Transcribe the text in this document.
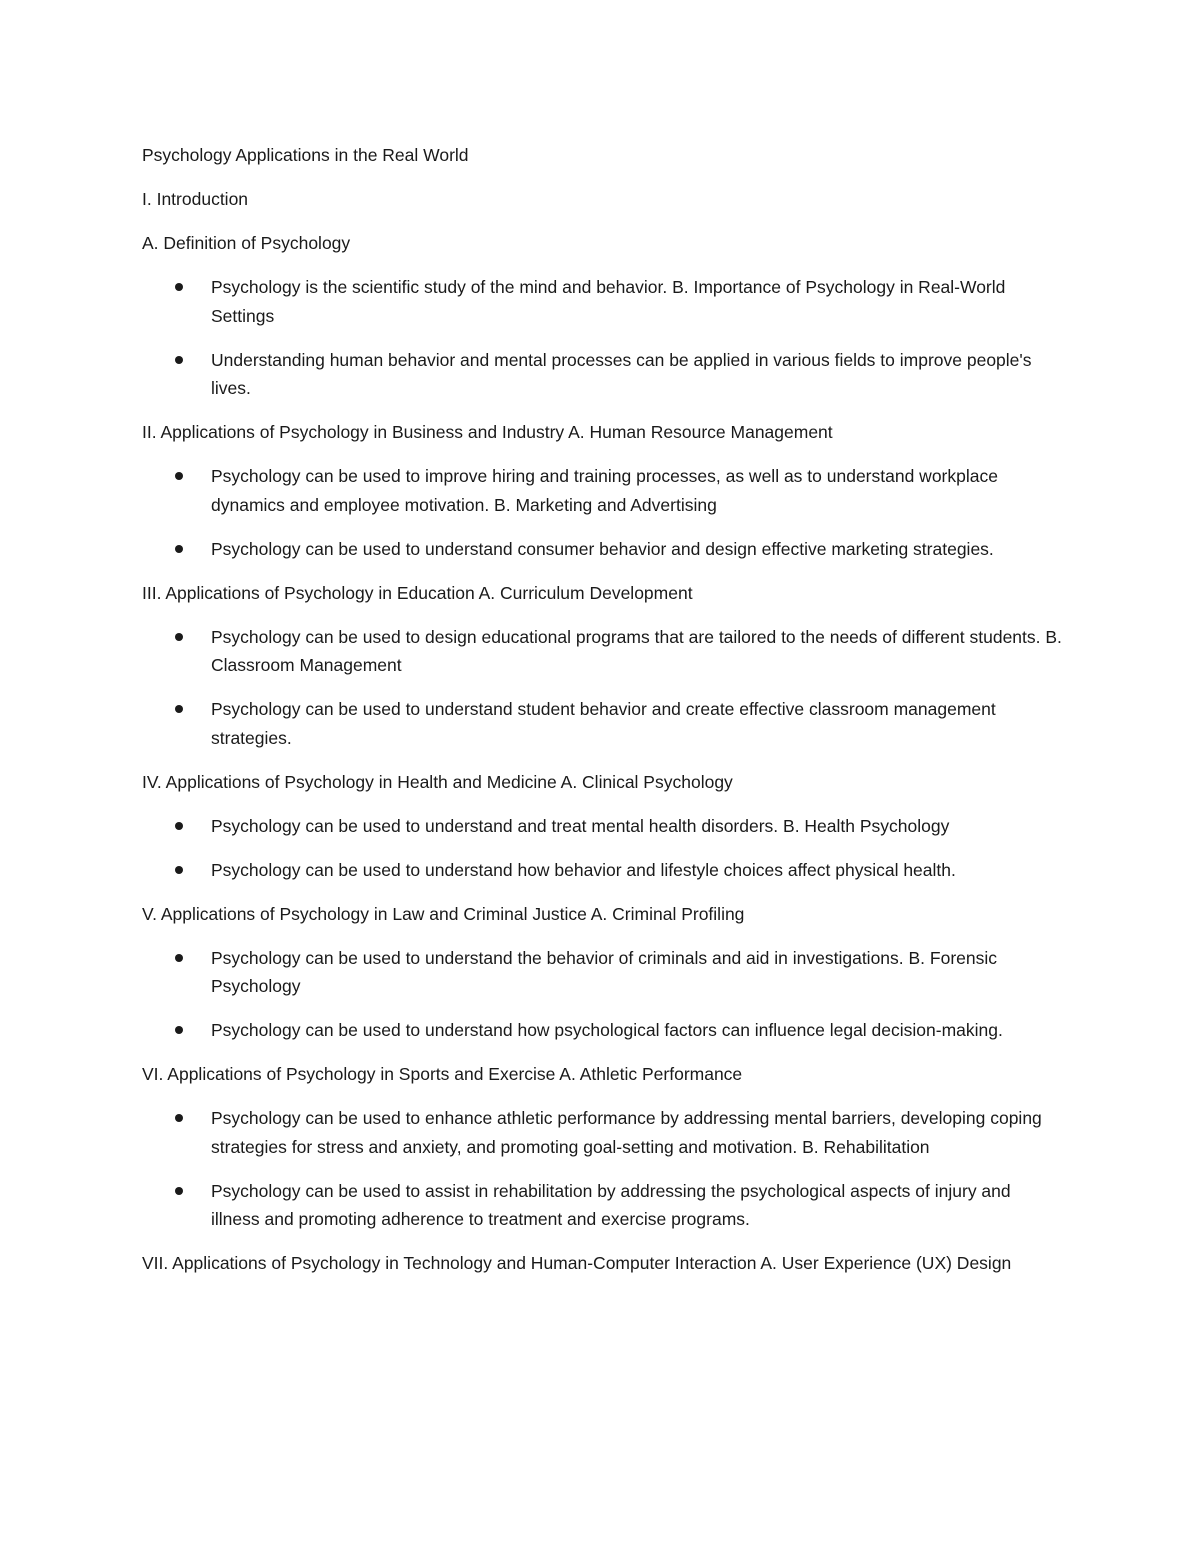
Psychology Applications in the Real World

I. Introduction

A. Definition of Psychology

Psychology is the scientific study of the mind and behavior. B. Importance of Psychology in Real-World Settings
Understanding human behavior and mental processes can be applied in various fields to improve people's lives.

II. Applications of Psychology in Business and Industry A. Human Resource Management

Psychology can be used to improve hiring and training processes, as well as to understand workplace dynamics and employee motivation. B. Marketing and Advertising
Psychology can be used to understand consumer behavior and design effective marketing strategies.

III. Applications of Psychology in Education A. Curriculum Development

Psychology can be used to design educational programs that are tailored to the needs of different students. B. Classroom Management
Psychology can be used to understand student behavior and create effective classroom management strategies.

IV. Applications of Psychology in Health and Medicine A. Clinical Psychology

Psychology can be used to understand and treat mental health disorders. B. Health Psychology
Psychology can be used to understand how behavior and lifestyle choices affect physical health.

V. Applications of Psychology in Law and Criminal Justice A. Criminal Profiling

Psychology can be used to understand the behavior of criminals and aid in investigations. B. Forensic Psychology
Psychology can be used to understand how psychological factors can influence legal decision-making.

VI. Applications of Psychology in Sports and Exercise A. Athletic Performance

Psychology can be used to enhance athletic performance by addressing mental barriers, developing coping strategies for stress and anxiety, and promoting goal-setting and motivation. B. Rehabilitation
Psychology can be used to assist in rehabilitation by addressing the psychological aspects of injury and illness and promoting adherence to treatment and exercise programs.

VII. Applications of Psychology in Technology and Human-Computer Interaction A. User Experience (UX) Design
